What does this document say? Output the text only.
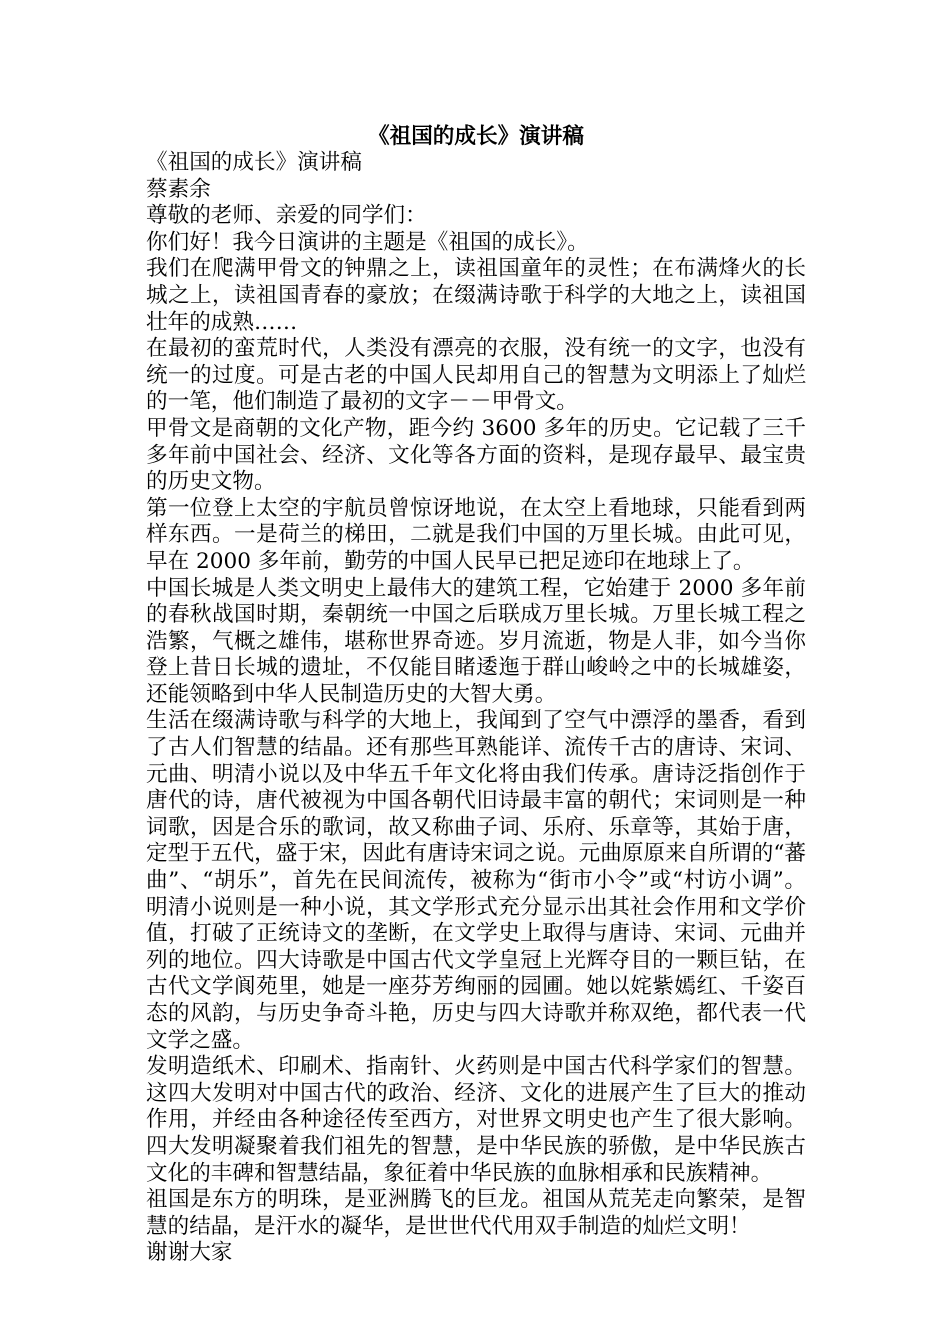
《祖国的成长》演讲稿

《祖国的成长》演讲稿

蔡素余

尊敬的老师、亲爱的同学们：

你们好！我今日演讲的主题是《祖国的成长》。

我们在爬满甲骨文的钟鼎之上，读祖国童年的灵性；在布满烽火的长城之上，读祖国青春的豪放；在缀满诗歌于科学的大地之上，读祖国壮年的成熟……

在最初的蛮荒时代，人类没有漂亮的衣服，没有统一的文字，也没有统一的过度。可是古老的中国人民却用自己的智慧为文明添上了灿烂的一笔，他们制造了最初的文字－－甲骨文。

甲骨文是商朝的文化产物，距今约 3600 多年的历史。它记载了三千多年前中国社会、经济、文化等各方面的资料，是现存最早、最宝贵的历史文物。

第一位登上太空的宇航员曾惊讶地说，在太空上看地球，只能看到两样东西。一是荷兰的梯田，二就是我们中国的万里长城。由此可见，早在 2000 多年前，勤劳的中国人民早已把足迹印在地球上了。

中国长城是人类文明史上最伟大的建筑工程，它始建于 2000 多年前的春秋战国时期，秦朝统一中国之后联成万里长城。万里长城工程之浩繁，气概之雄伟，堪称世界奇迹。岁月流逝，物是人非，如今当你登上昔日长城的遗址，不仅能目睹逶迤于群山峻岭之中的长城雄姿，还能领略到中华人民制造历史的大智大勇。

生活在缀满诗歌与科学的大地上，我闻到了空气中漂浮的墨香，看到了古人们智慧的结晶。还有那些耳熟能详、流传千古的唐诗、宋词、元曲、明清小说以及中华五千年文化将由我们传承。唐诗泛指创作于唐代的诗，唐代被视为中国各朝代旧诗最丰富的朝代；宋词则是一种词歌，因是合乐的歌词，故又称曲子词、乐府、乐章等，其始于唐，定型于五代，盛于宋，因此有唐诗宋词之说。元曲原原来自所谓的“蕃曲”、“胡乐”，首先在民间流传，被称为“街市小令”或“村访小调”。明清小说则是一种小说，其文学形式充分显示出其社会作用和文学价值，打破了正统诗文的垄断，在文学史上取得与唐诗、宋词、元曲并列的地位。四大诗歌是中国古代文学皇冠上光辉夺目的一颗巨钻，在古代文学阆苑里，她是一座芬芳绚丽的园圃。她以姹紫嫣红、千姿百态的风韵，与历史争奇斗艳，历史与四大诗歌并称双绝，都代表一代文学之盛。

发明造纸术、印刷术、指南针、火药则是中国古代科学家们的智慧。这四大发明对中国古代的政治、经济、文化的进展产生了巨大的推动作用，并经由各种途径传至西方，对世界文明史也产生了很大影响。四大发明凝聚着我们祖先的智慧，是中华民族的骄傲，是中华民族古文化的丰碑和智慧结晶，象征着中华民族的血脉相承和民族精神。

祖国是东方的明珠，是亚洲腾飞的巨龙。祖国从荒芜走向繁荣，是智慧的结晶，是汗水的凝华，是世世代代用双手制造的灿烂文明！

谢谢大家
